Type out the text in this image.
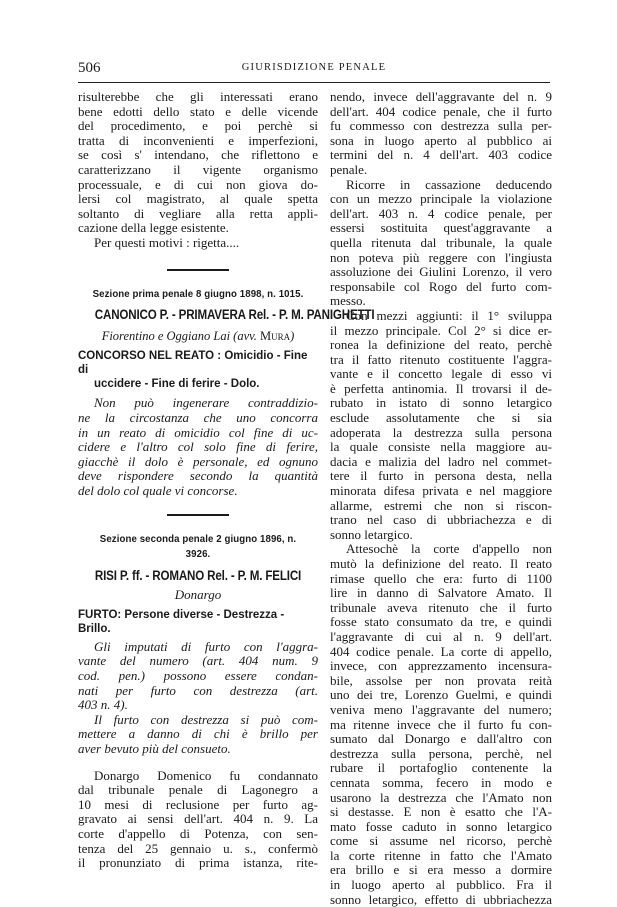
506	GIURISDIZIONE PENALE
risulterebbe che gli interessati erano
bene edotti dello stato e delle vicende
del procedimento, e poi perchè si
tratta di inconvenienti e imperfezioni,
se così s' intendano, che riflettono e
caratterizzano il vigente organismo
processuale, e di cui non giova do-
lersi col magistrato, al quale spetta
soltanto di vegliare alla retta appli-
cazione della legge esistente.
Per questi motivi : rigetta....
Sezione prima penale 8 giugno 1898, n. 1015.
CANONICO P. - PRIMAVERA Rel. - P. M. PANIGHETTI
Fiorentino e Oggiano Lai (avv. Mura)
CONCORSO NEL REATO : Omicidio - Fine di
uccidere - Fine di ferire - Dolo.
Non può ingenerare contraddizio-
ne la circostanza che uno concorra
in un reato di omicidio col fine di uc-
cidere e l'altro col solo fine di ferire,
giacchè il dolo è personale, ed ognuno
deve rispondere secondo la quantità
del dolo col quale vi concorse.
Sezione seconda penale 2 giugno 1896, n. 3926.
RISI P. ff. - ROMANO Rel. - P. M. FELICI
Donargo
FURTO: Persone diverse - Destrezza - Brillo.
Gli imputati di furto con l'aggra-
vante del numero (art. 404 num. 9
cod. pen.) possono essere condan-
nati per furto con destrezza (art.
403 n. 4).
Il furto con destrezza si può com-
mettere a danno di chi è brillo per
aver bevuto più del consueto.
Donargo Domenico fu condannato
dal tribunale penale di Lagonegro a
10 mesi di reclusione per furto ag-
gravato ai sensi dell'art. 404 n. 9. La
corte d'appello di Potenza, con sen-
tenza del 25 gennaio u. s., confermò
il pronunziato di prima istanza, rite-
nendo, invece dell'aggravante del n. 9
dell'art. 404 codice penale, che il furto
fu commesso con destrezza sulla per-
sona in luogo aperto al pubblico ai
termini del n. 4 dell'art. 403 codice
penale.
Ricorre in cassazione deducendo
con un mezzo principale la violazione
dell'art. 403 n. 4 codice penale, per
essersi sostituita quest'aggravante a
quella ritenuta dal tribunale, la quale
non poteva più reggere con l'ingiusta
assoluzione dei Giulini Lorenzo, il vero
responsabile col Rogo del furto com-
messo.
Con mezzi aggiunti: il 1° sviluppa
il mezzo principale. Col 2° si dice er-
ronea la definizione del reato, perchè
tra il fatto ritenuto costituente l'aggra-
vante e il concetto legale di esso vi
è perfetta antinomia. Il trovarsi il de-
rubato in istato di sonno letargico
esclude assolutamente che si sia
adoperata la destrezza sulla persona
la quale consiste nella maggiore au-
dacia e malizia del ladro nel commet-
tere il furto in persona desta, nella
minorata difesa privata e nel maggiore
allarme, estremi che non si riscon-
trano nel caso di ubbriachezza e di
sonno letargico.
Attesochè la corte d'appello non
mutò la definizione del reato. Il reato
rimase quello che era: furto di 1100
lire in danno di Salvatore Amato. Il
tribunale aveva ritenuto che il furto
fosse stato consumato da tre, e quindi
l'aggravante di cui al n. 9 dell'art.
404 codice penale. La corte di appello,
invece, con apprezzamento incensura-
bile, assolse per non provata reità
uno dei tre, Lorenzo Guelmi, e quindi
veniva meno l'aggravante del numero;
ma ritenne invece che il furto fu con-
sumato dal Donargo e dall'altro con
destrezza sulla persona, perchè, nel
rubare il portafoglio contenente la
cennata somma, fecero in modo e
usarono la destrezza che l'Amato non
si destasse. E non è esatto che l'A-
mato fosse caduto in sonno letargico
come si assume nel ricorso, perchè
la corte ritenne in fatto che l'Amato
era brillo e si era messo a dormire
in luogo aperto al pubblico. Fra il
sonno letargico, effetto di ubbriachezza
